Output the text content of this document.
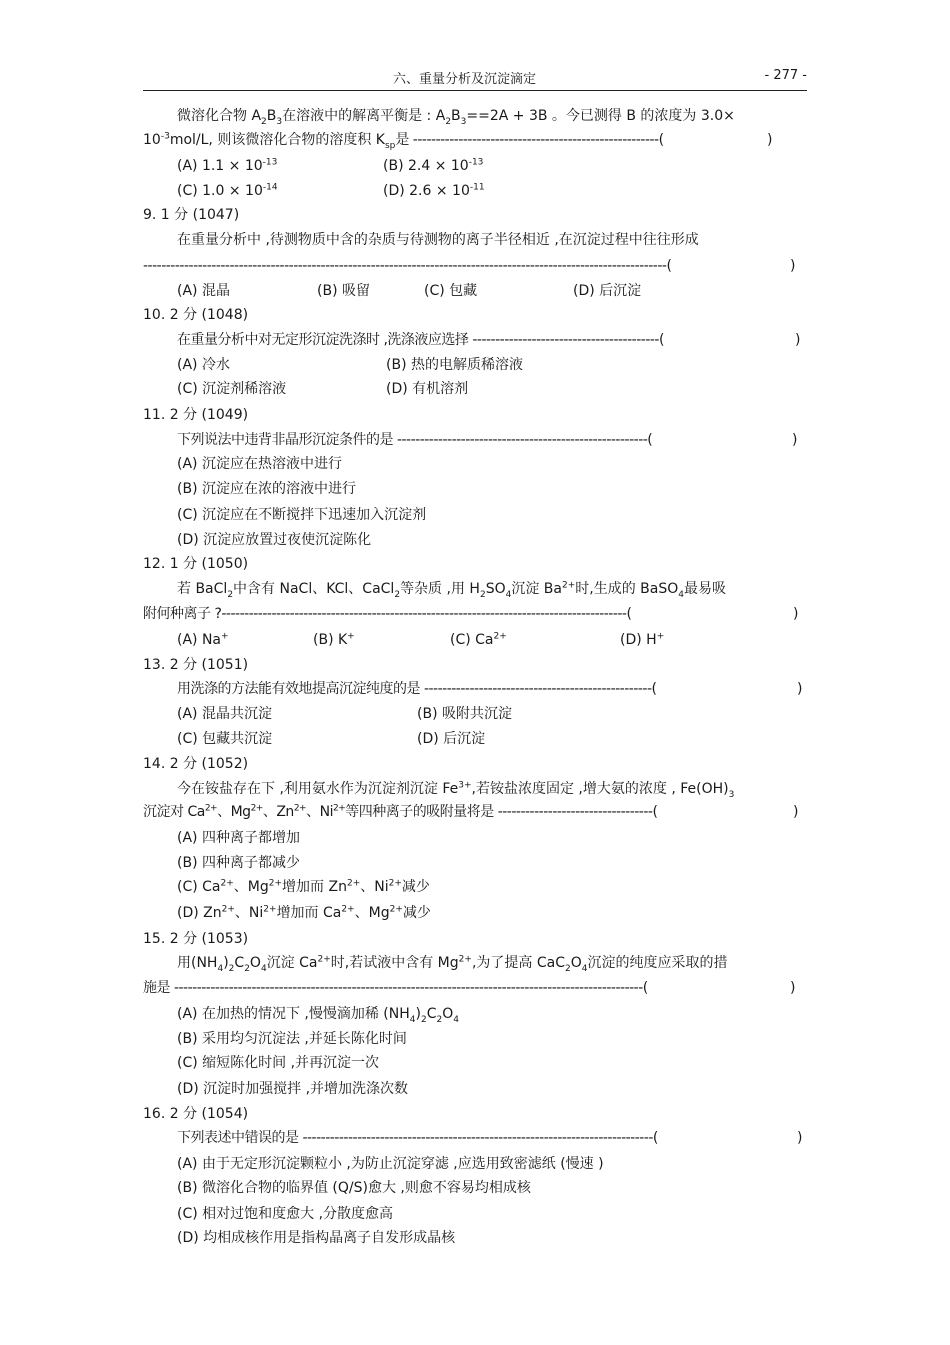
六、重量分析及沉淀滴定	- 277 -
微溶化合物 $A_2B_3$在溶液中的解离平衡是 : $A_2B_3==2A + 3B$ 。今已测得 B 的浓度为 3.0×
$10^{-3}mol/L$, 则该微溶化合物的溶度积 $K_{sp}$是 ------------------------------------------------------(	)
(A) $1.1 \times 10^{-13}$	(B) $2.4 \times 10^{-13}$
(C) $1.0 \times 10^{-14}$	(D) $2.6 \times 10^{-11}$
9. 1 分 (1047)
在重量分析中 ,待测物质中含的杂质与待测物的离子半径相近 ,在沉淀过程中往往形成
-------------------------------------------------------------------------------------------------------------------(	)
(A) 混晶	(B) 吸留	(C) 包藏	(D) 后沉淀
10. 2 分 (1048)
在重量分析中对无定形沉淀洗涤时 ,洗涤液应选择 -----------------------------------------(	)
(A) 冷水	(B) 热的电解质稀溶液
(C) 沉淀剂稀溶液	(D) 有机溶剂
11. 2 分 (1049)
下列说法中违背非晶形沉淀条件的是 -------------------------------------------------------(	)
(A) 沉淀应在热溶液中进行
(B) 沉淀应在浓的溶液中进行
(C) 沉淀应在不断搅拌下迅速加入沉淀剂
(D) 沉淀应放置过夜使沉淀陈化
12. 1 分 (1050)
若 BaCl$_2$中含有 NaCl、KCl、CaCl$_2$等杂质 ,用 $H_2SO_4$沉淀 $Ba^{2+}$时,生成的 BaSO$_4$最易吸
附何种离子 ?-----------------------------------------------------------------------------------------(	)
(A) Na+	(B) K+	(C) $Ca^{2+}$	(D) H+
13. 2 分 (1051)
用洗涤的方法能有效地提高沉淀纯度的是 --------------------------------------------------(	)
(A) 混晶共沉淀	(B) 吸附共沉淀
(C) 包藏共沉淀	(D) 后沉淀
14. 2 分 (1052)
今在铵盐存在下 ,利用氨水作为沉淀剂沉淀 $Fe^{3+}$,若铵盐浓度固定 ,增大氨的浓度 , $Fe(OH)_3$
沉淀对 $Ca^{2+}$、$Mg^{2+}$、$Zn^{2+}$、$Ni^{2+}$等四种离子的吸附量将是 ----------------------------------(	)
(A) 四种离子都增加
(B) 四种离子都减少
(C) $Ca^{2+}$、$Mg^{2+}$增加而 $Zn^{2+}$、$Ni^{2+}$减少
(D) $Zn^{2+}$、$Ni^{2+}$增加而 $Ca^{2+}$、$Mg^{2+}$减少
15. 2 分 (1053)
用$(NH_4)_2C_2O_4$沉淀 $Ca^{2+}$时,若试液中含有 $Mg^{2+}$,为了提高 $CaC_2O_4$沉淀的纯度应采取的措
施是 -------------------------------------------------------------------------------------------------------(	)
(A) 在加热的情况下 ,慢慢滴加稀 $(NH_4)_2C_2O_4$
(B) 采用均匀沉淀法 ,并延长陈化时间
(C) 缩短陈化时间 ,并再沉淀一次
(D) 沉淀时加强搅拌 ,并增加洗涤次数
16. 2 分 (1054)
下列表述中错误的是 -----------------------------------------------------------------------------(	)
(A) 由于无定形沉淀颗粒小 ,为防止沉淀穿滤 ,应选用致密滤纸 (慢速 )
(B) 微溶化合物的临界值 (Q/S)愈大 ,则愈不容易均相成核
(C) 相对过饱和度愈大 ,分散度愈高
(D) 均相成核作用是指构晶离子自发形成晶核
